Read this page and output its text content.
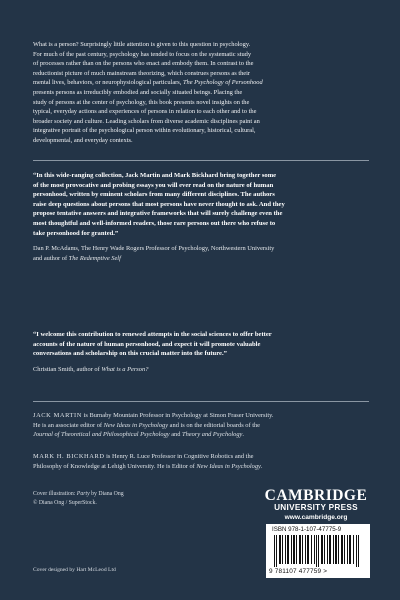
What is a person? Surprisingly little attention is given to this question in psychology.

For much of the past century, psychology has tended to focus on the systematic study

of processes rather than on the persons who enact and embody them. In contrast to the

reductionist picture of much mainstream theorizing, which construes persons as their

mental lives, behaviors, or neurophysiological particulars, The Psychology of Personhood

presents persons as irreducibly embodied and socially situated beings. Placing the

study of persons at the center of psychology, this book presents novel insights on the

typical, everyday actions and experiences of persons in relation to each other and to the

broader society and culture. Leading scholars from diverse academic disciplines paint an

integrative portrait of the psychological person within evolutionary, historical, cultural,

developmental, and everyday contexts.

“In this wide-ranging collection, Jack Martin and Mark Bickhard bring together some

of the most provocative and probing essays you will ever read on the nature of human

personhood, written by eminent scholars from many different disciplines. The authors

raise deep questions about persons that most persons have never thought to ask. And they

propose tentative answers and integrative frameworks that will surely challenge even the

most thoughtful and well-informed readers, those rare persons out there who refuse to

take personhood for granted.”

Dan P. McAdams, The Henry Wade Rogers Professor of Psychology, Northwestern University

and author of The Redemptive Self

“I welcome this contribution to renewed attempts in the social sciences to offer better

accounts of the nature of human personhood, and expect it will promote valuable

conversations and scholarship on this crucial matter into the future.”

Christian Smith, author of What is a Person?

JACK MARTIN is Burnaby Mountain Professor in Psychology at Simon Fraser University.

He is an associate editor of New Ideas in Psychology and is on the editorial boards of the

Journal of Theoretical and Philosophical Psychology and Theory and Psychology.

MARK H. BICKHARD is Henry R. Luce Professor in Cognitive Robotics and the

Philosophy of Knowledge at Lehigh University. He is Editor of New Ideas in Psychology.

Cover illustration: Party by Diana Ong
© Diana Ong / SuperStock.
Cover designed by Hart McLeod Ltd
CAMBRIDGE
UNIVERSITY PRESS
www.cambridge.org
ISBN 978-1-107-47775-9
9 781107 477759 >
